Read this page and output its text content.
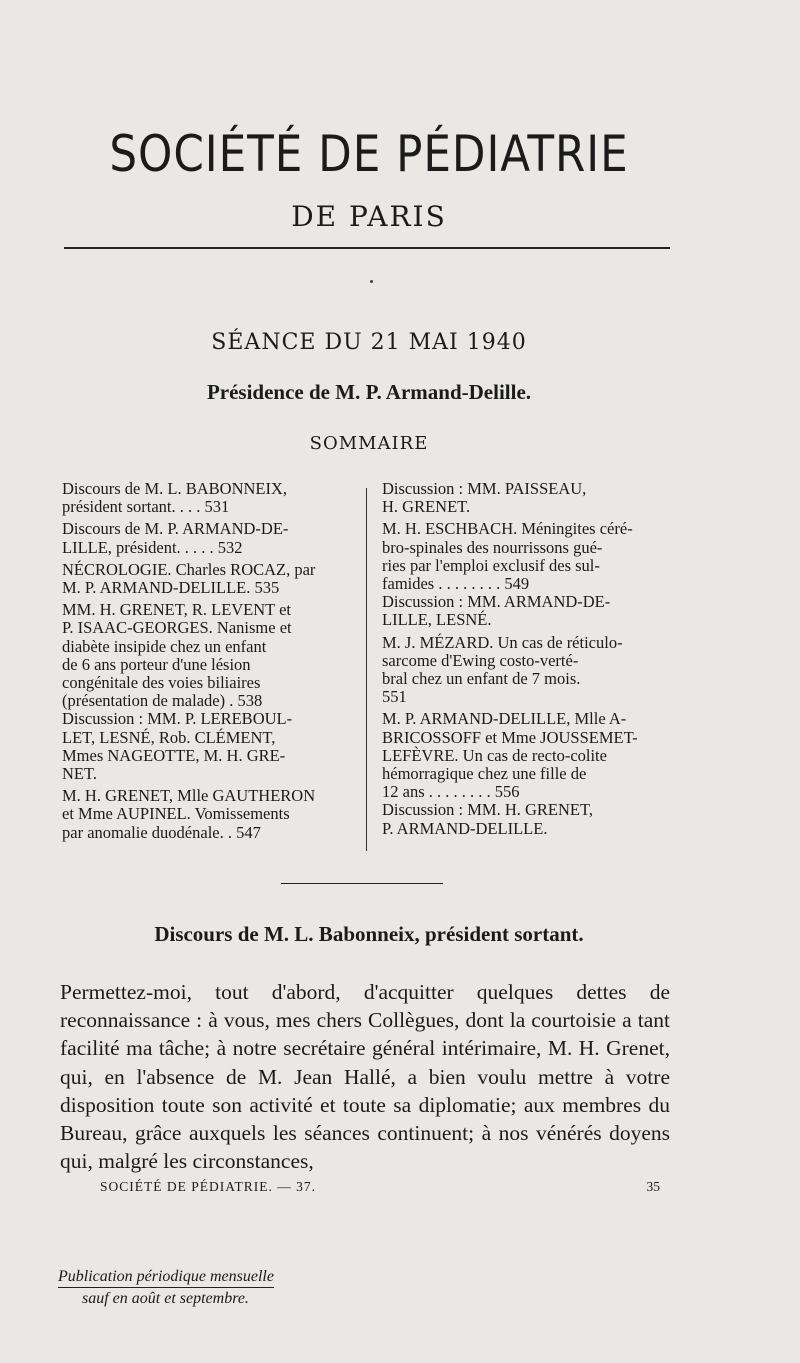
SOCIÉTÉ DE PÉDIATRIE
DE PARIS
SÉANCE DU 21 MAI 1940
Présidence de M. P. Armand-Delille.
SOMMAIRE
Discours de M. L. BABONNEIX,
président sortant. . . . 531
Discours de M. P. ARMAND-DE-
LILLE, président. . . . . 532
NÉCROLOGIE. Charles ROCAZ, par
M. P. ARMAND-DELILLE. 535
MM. H. GRENET, R. LEVENT et
P. ISAAC-GEORGES. Nanisme et
diabète insipide chez un enfant
de 6 ans porteur d'une lésion
congénitale des voies biliaires
(présentation de malade) . 538
Discussion : MM. P. LEREBOUL-
LET, LESNÉ, Rob. CLÉMENT,
Mmes NAGEOTTE, M. H. GRE-
NET.
M. H. GRENET, Mlle GAUTHERON
et Mme AUPINEL. Vomissements
par anomalie duodénale. . 547
Discussion : MM. PAISSEAU,
H. GRENET.
M. H. ESCHBACH. Méningites céré-
bro-spinales des nourrissons gué-
ries par l'emploi exclusif des sul-
famides . . . . . . . . 549
Discussion : MM. ARMAND-DE-
LILLE, LESNÉ.
M. J. MÉZARD. Un cas de réticulo-
sarcome d'Ewing costo-verté-
bral chez un enfant de 7 mois.
551
M. P. ARMAND-DELILLE, Mlle A-
BRICOSSOFF et Mme JOUSSEMET-
LEFÈVRE. Un cas de recto-colite
hémorragique chez une fille de
12 ans . . . . . . . . 556
Discussion : MM. H. GRENET,
P. ARMAND-DELILLE.
Discours de M. L. Babonneix, président sortant.
Permettez-moi, tout d'abord, d'acquitter quelques dettes de reconnaissance : à vous, mes chers Collègues, dont la courtoisie a tant facilité ma tâche; à notre secrétaire général intérimaire, M. H. Grenet, qui, en l'absence de M. Jean Hallé, a bien voulu mettre à votre disposition toute son activité et toute sa diplomatie; aux membres du Bureau, grâce auxquels les séances continuent; à nos vénérés doyens qui, malgré les circonstances,
SOCIÉTÉ DE PÉDIATRIE. — 37.	35
Publication périodique mensuelle
sauf en août et septembre.
